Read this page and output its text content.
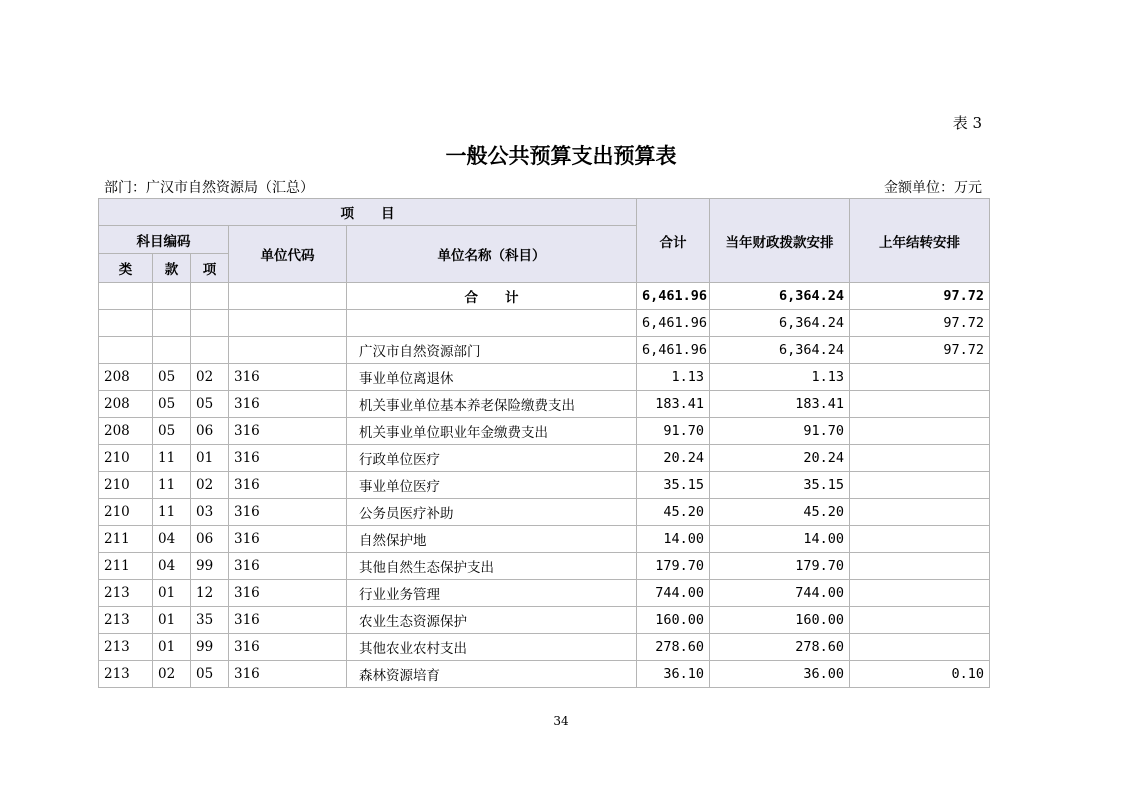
表 3
一般公共预算支出预算表
部门：广汉市自然资源局（汇总）	金额单位：万元
项　　目					合计	当年财政拨款安排	上年结转安排
科目编码			单位代码	单位名称（科目）			
类	款	项					
				合　　计	6,461.96	6,364.24	97.72
					6,461.96	6,364.24	97.72
				广汉市自然资源部门	6,461.96	6,364.24	97.72
208	05	02	316	事业单位离退休	1.13	1.13	
208	05	05	316	机关事业单位基本养老保险缴费支出	183.41	183.41	
208	05	06	316	机关事业单位职业年金缴费支出	91.70	91.70	
210	11	01	316	行政单位医疗	20.24	20.24	
210	11	02	316	事业单位医疗	35.15	35.15	
210	11	03	316	公务员医疗补助	45.20	45.20	
211	04	06	316	自然保护地	14.00	14.00	
211	04	99	316	其他自然生态保护支出	179.70	179.70	
213	01	12	316	行业业务管理	744.00	744.00	
213	01	35	316	农业生态资源保护	160.00	160.00	
213	01	99	316	其他农业农村支出	278.60	278.60	
213	02	05	316	森林资源培育	36.10	36.00	0.10
34
